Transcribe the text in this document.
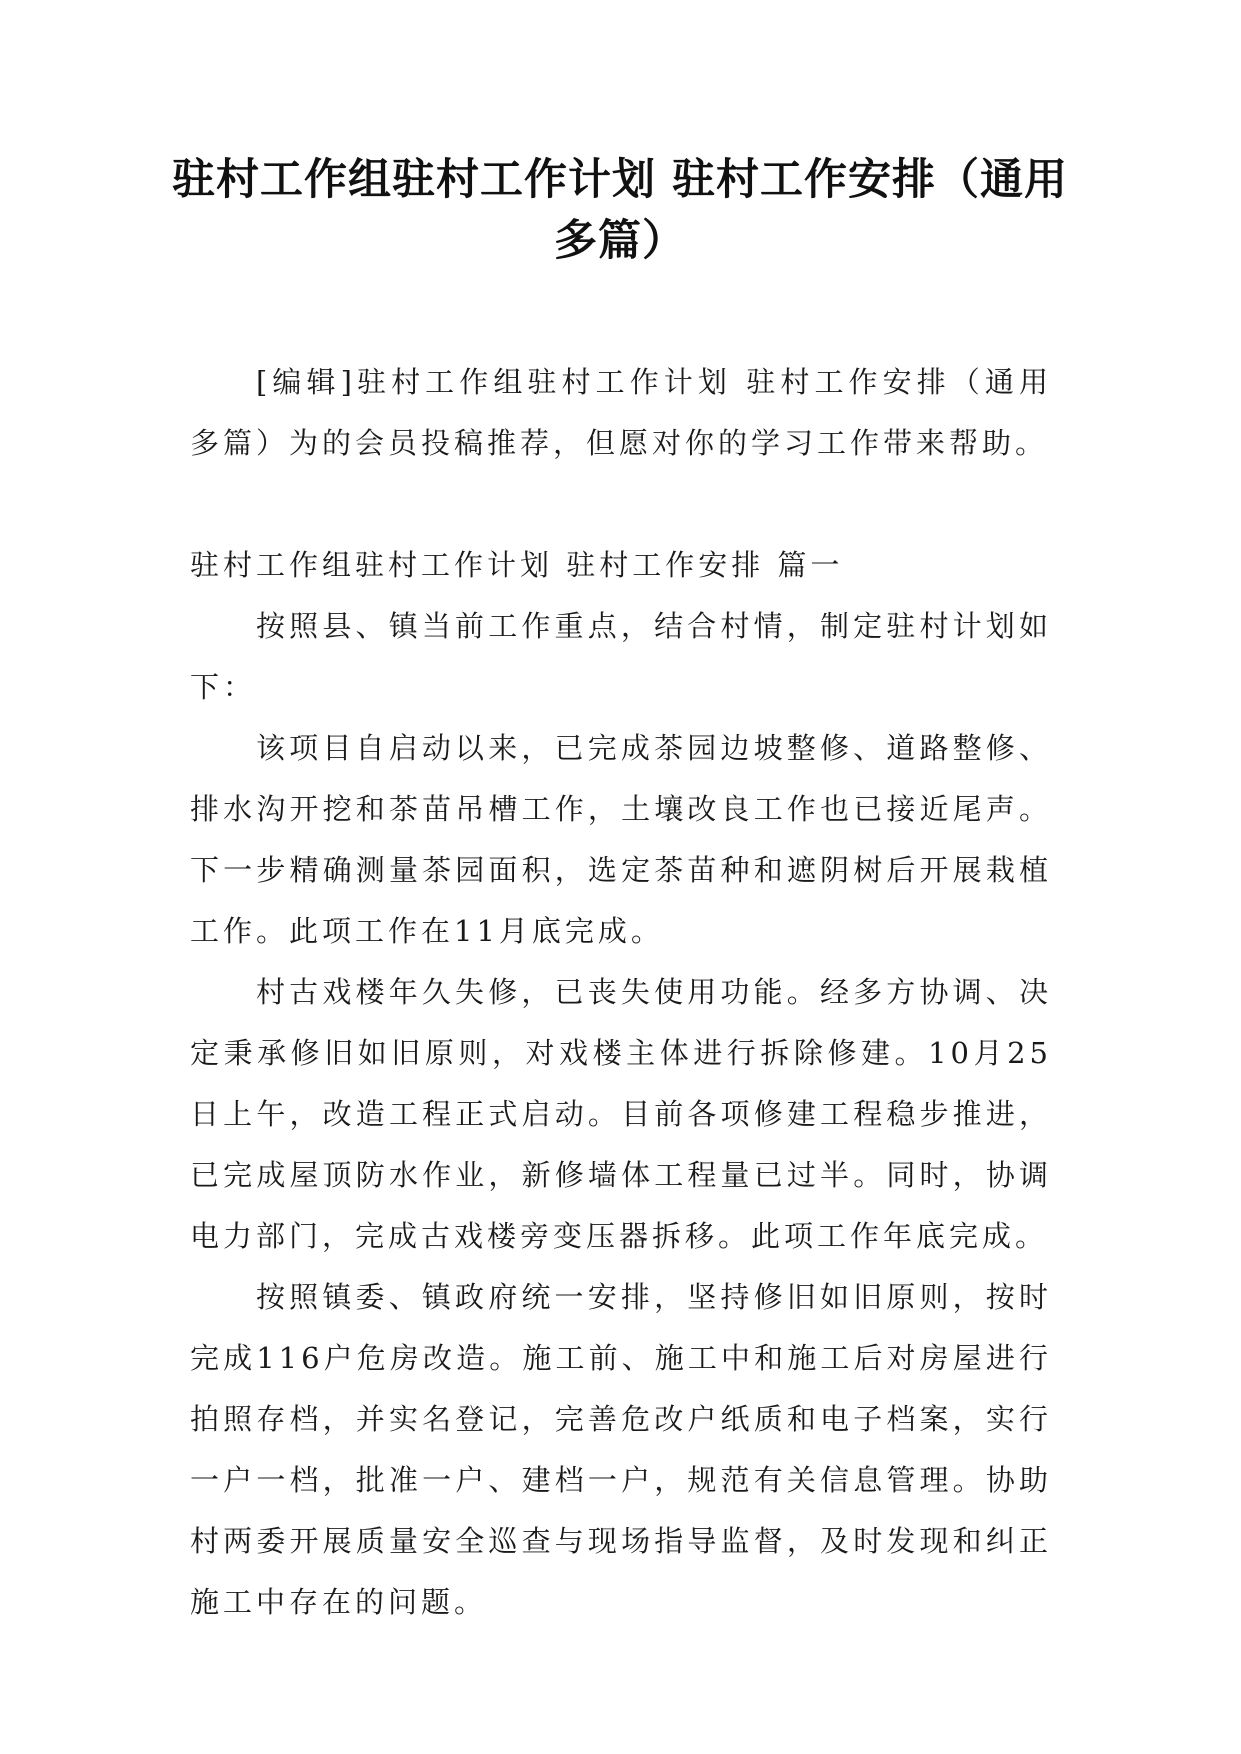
驻村工作组驻村工作计划 驻村工作安排（通用多篇）

[编辑]驻村工作组驻村工作计划 驻村工作安排（通用多篇）为的会员投稿推荐，但愿对你的学习工作带来帮助。

驻村工作组驻村工作计划 驻村工作安排 篇一

按照县、镇当前工作重点，结合村情，制定驻村计划如下：

该项目自启动以来，已完成茶园边坡整修、道路整修、排水沟开挖和茶苗吊槽工作，土壤改良工作也已接近尾声。下一步精确测量茶园面积，选定茶苗种和遮阴树后开展栽植工作。此项工作在11月底完成。

村古戏楼年久失修，已丧失使用功能。经多方协调、决定秉承修旧如旧原则，对戏楼主体进行拆除修建。10月25日上午，改造工程正式启动。目前各项修建工程稳步推进，已完成屋顶防水作业，新修墙体工程量已过半。同时，协调电力部门，完成古戏楼旁变压器拆移。此项工作年底完成。

按照镇委、镇政府统一安排，坚持修旧如旧原则，按时完成116户危房改造。施工前、施工中和施工后对房屋进行拍照存档，并实名登记，完善危改户纸质和电子档案，实行一户一档，批准一户、建档一户，规范有关信息管理。协助村两委开展质量安全巡查与现场指导监督，及时发现和纠正施工中存在的问题。
